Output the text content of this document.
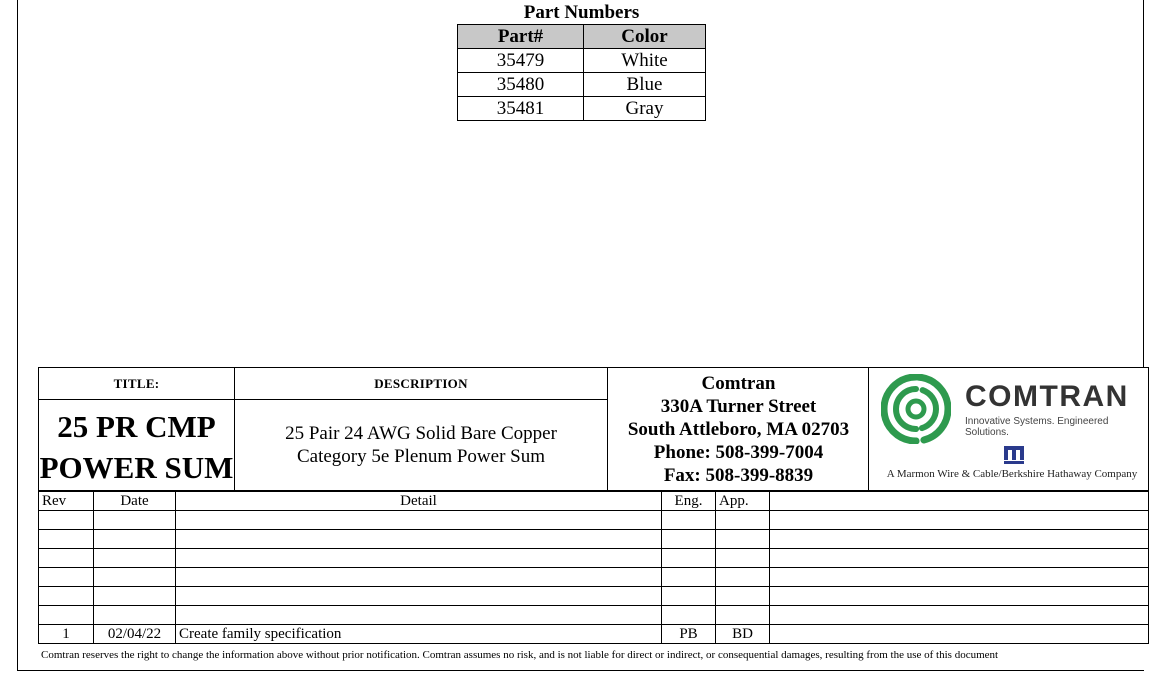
Part Numbers
Part#	Color
35479	White
35480	Blue
35481	Gray
TITLE:
25 PR CMP
POWER SUM
DESCRIPTION
25 Pair 24 AWG Solid Bare Copper
Category 5e Plenum Power Sum
Comtran
330A Turner Street
South Attleboro, MA 02703
Phone: 508-399-7004
Fax: 508-399-8839
COMTRAN
Innovative Systems. Engineered Solutions.
A Marmon Wire & Cable/Berkshire Hathaway Company
Rev	Date	Detail	Eng.	App.	

1	02/04/22	Create family specification	PB	BD	
Comtran reserves the right to change the information above without prior notification. Comtran assumes no risk, and is not liable for direct or indirect, or consequential damages, resulting from the use of this document
